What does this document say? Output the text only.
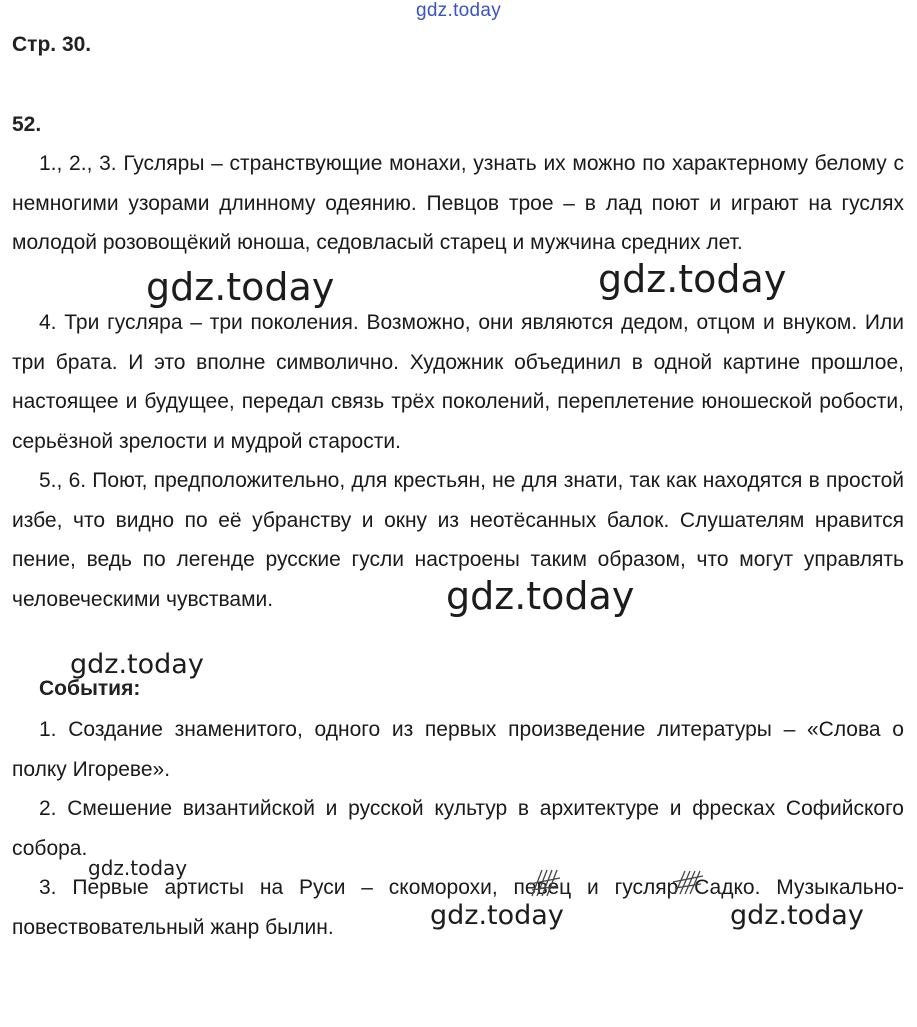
gdz.today
Стр. 30.
52.

1., 2., 3. Гусляры – странствующие монахи, узнать их можно по характерному белому с немногими узорами длинному одеянию. Певцов трое – в лад поют и играют на гуслях молодой розовощёкий юноша, седовласый старец и мужчина средних лет.

4. Три гусляра – три поколения. Возможно, они являются дедом, отцом и внуком. Или три брата. И это вполне символично. Художник объединил в одной картине прошлое, настоящее и будущее, передал связь трёх поколений, переплетение юношеской робости, серьёзной зрелости и мудрой старости.

5., 6. Поют, предположительно, для крестьян, не для знати, так как находятся в простой избе, что видно по её убранству и окну из неотёсанных балок. Слушателям нравится пение, ведь по легенде русские гусли настроены таким образом, что могут управлять человеческими чувствами.

События:

1. Создание знаменитого, одного из первых произведение литературы – «Слова о полку Игореве».

2. Смешение византийской и русской культур в архитектуре и фресках Софийского собора.

3. Первые артисты на Руси – скоморохи, певец и гусляр Садко. Музыкально-повествовательный жанр былин.

gdz.today	gdz.today
gdz.today
gdz.today
gdz.today
gdz.today	gdz.today
